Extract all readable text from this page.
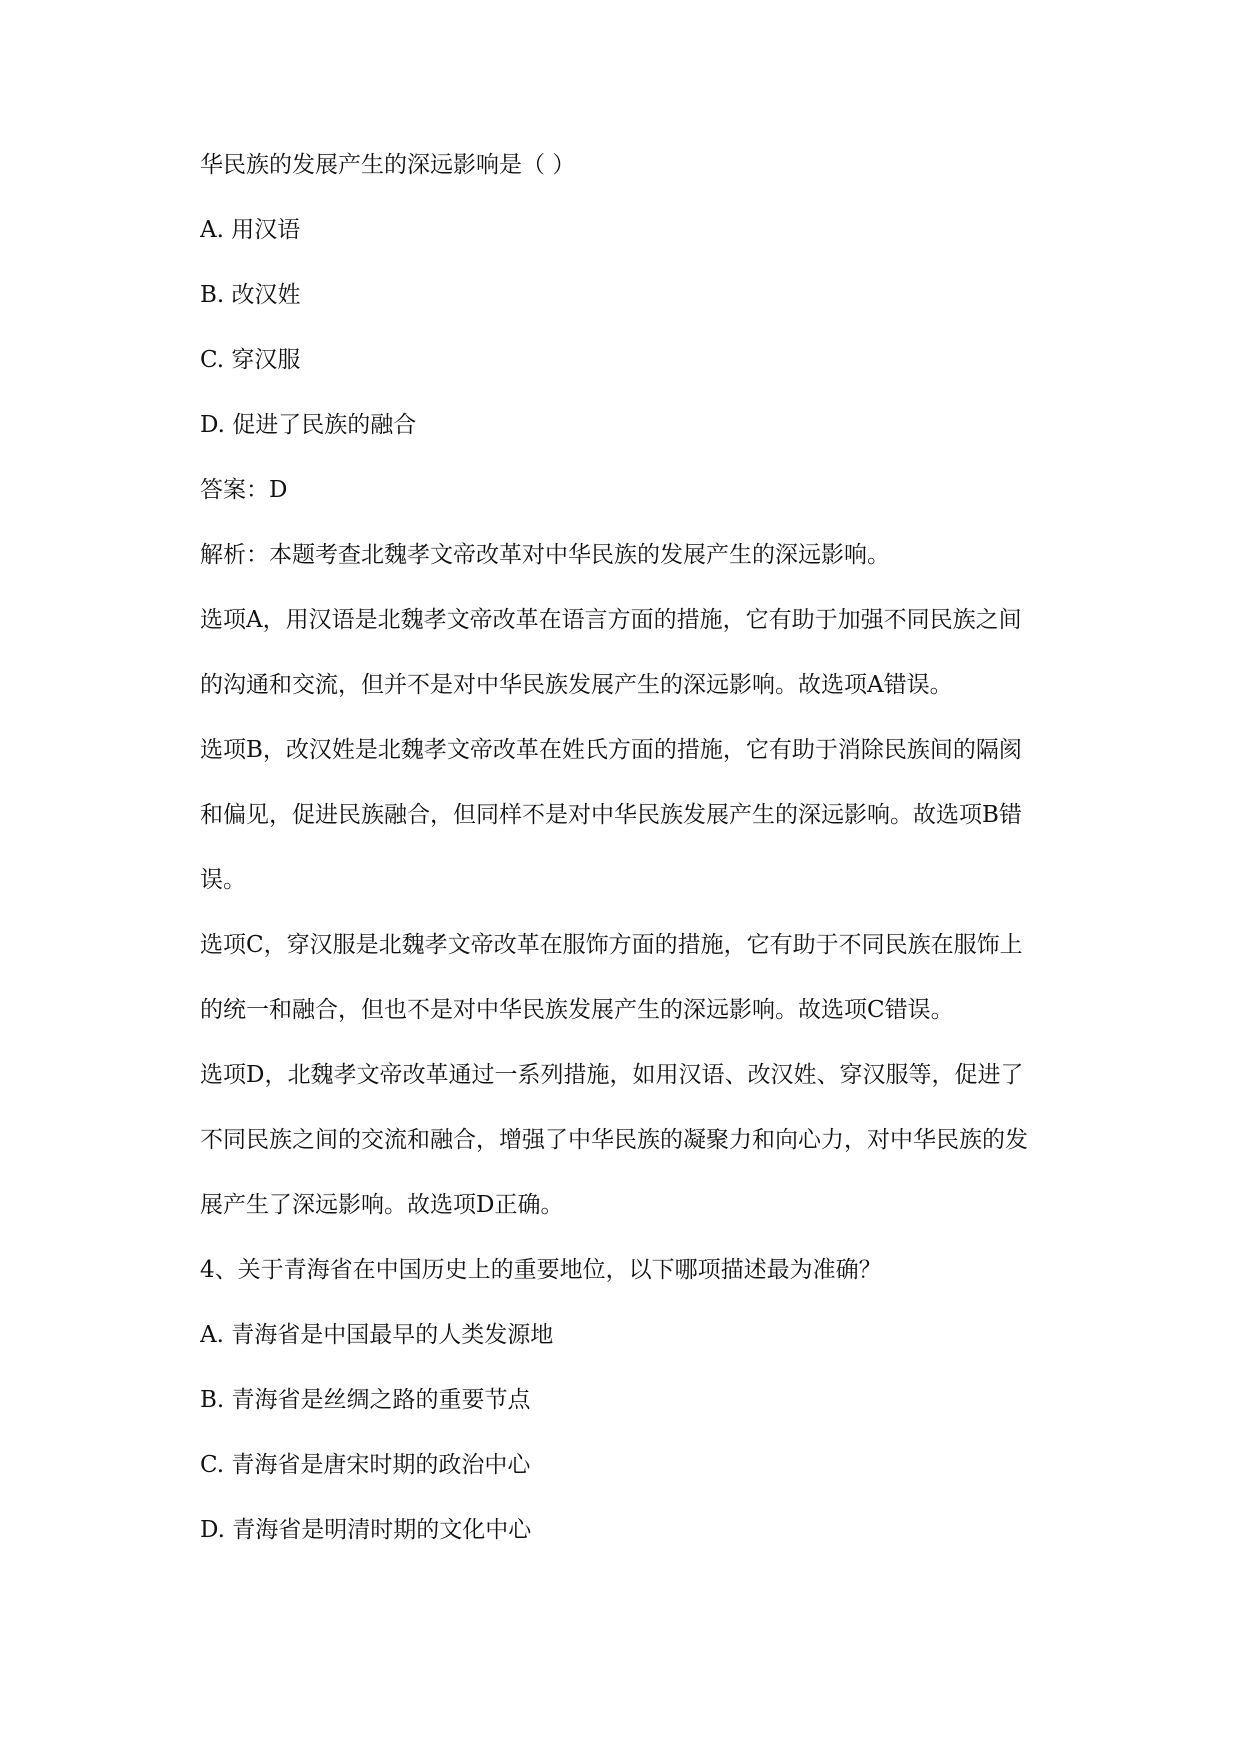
华民族的发展产生的深远影响是（ ）

A. 用汉语

B. 改汉姓

C. 穿汉服

D. 促进了民族的融合

答案：D

解析：本题考查北魏孝文帝改革对中华民族的发展产生的深远影响。

选项A，用汉语是北魏孝文帝改革在语言方面的措施，它有助于加强不同民族之间

的沟通和交流，但并不是对中华民族发展产生的深远影响。故选项A错误。

选项B，改汉姓是北魏孝文帝改革在姓氏方面的措施，它有助于消除民族间的隔阂

和偏见，促进民族融合，但同样不是对中华民族发展产生的深远影响。故选项B错

误。

选项C，穿汉服是北魏孝文帝改革在服饰方面的措施，它有助于不同民族在服饰上

的统一和融合，但也不是对中华民族发展产生的深远影响。故选项C错误。

选项D，北魏孝文帝改革通过一系列措施，如用汉语、改汉姓、穿汉服等，促进了

不同民族之间的交流和融合，增强了中华民族的凝聚力和向心力，对中华民族的发

展产生了深远影响。故选项D正确。

4、关于青海省在中国历史上的重要地位，以下哪项描述最为准确？

A. 青海省是中国最早的人类发源地

B. 青海省是丝绸之路的重要节点

C. 青海省是唐宋时期的政治中心

D. 青海省是明清时期的文化中心
